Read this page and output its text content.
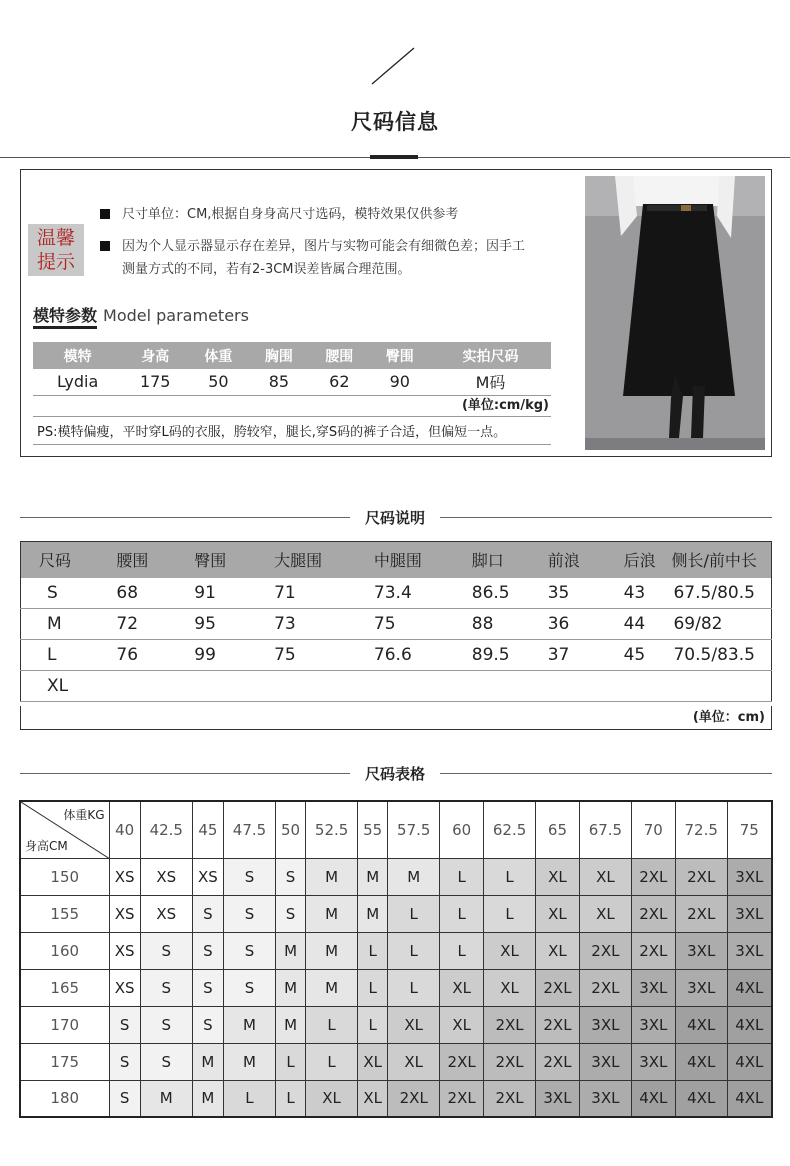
尺码信息
温馨
提示
尺寸单位：CM,根据自身身高尺寸选码，模特效果仅供参考
因为个人显示器显示存在差异，图片与实物可能会有细微色差；因手工
测量方式的不同，若有2-3CM误差皆属合理范围。
模特参数 Model parameters
模特	身高	体重	胸围	腰围	臀围	实拍尺码
Lydia	175	50	85	62	90	M码
(单位:cm/kg)
PS:模特偏瘦，平时穿L码的衣服，胯较窄，腿长,穿S码的裤子合适，但偏短一点。
尺码说明
尺码	腰围	臀围	大腿围	中腿围	脚口	前浪	后浪	侧长/前中长
S	68	91	71	73.4	86.5	35	43	67.5/80.5
M	72	95	73	75	88	36	44	69/82
L	76	99	75	76.6	89.5	37	45	70.5/83.5
XL								
(单位：cm)
尺码表格
体重KG
身高CM	40	42.5	45	47.5	50	52.5	55	57.5	60	62.5	65	67.5	70	72.5	75
150	XS	XS	XS	S	S	M	M	M	L	L	XL	XL	2XL	2XL	3XL
155	XS	XS	S	S	S	M	M	L	L	L	XL	XL	2XL	2XL	3XL
160	XS	S	S	S	M	M	L	L	L	XL	XL	2XL	2XL	3XL	3XL
165	XS	S	S	S	M	M	L	L	XL	XL	2XL	2XL	3XL	3XL	4XL
170	S	S	S	M	M	L	L	XL	XL	2XL	2XL	3XL	3XL	4XL	4XL
175	S	S	M	M	L	L	XL	XL	2XL	2XL	2XL	3XL	3XL	4XL	4XL
180	S	M	M	L	L	XL	XL	2XL	2XL	2XL	3XL	3XL	4XL	4XL	4XL
